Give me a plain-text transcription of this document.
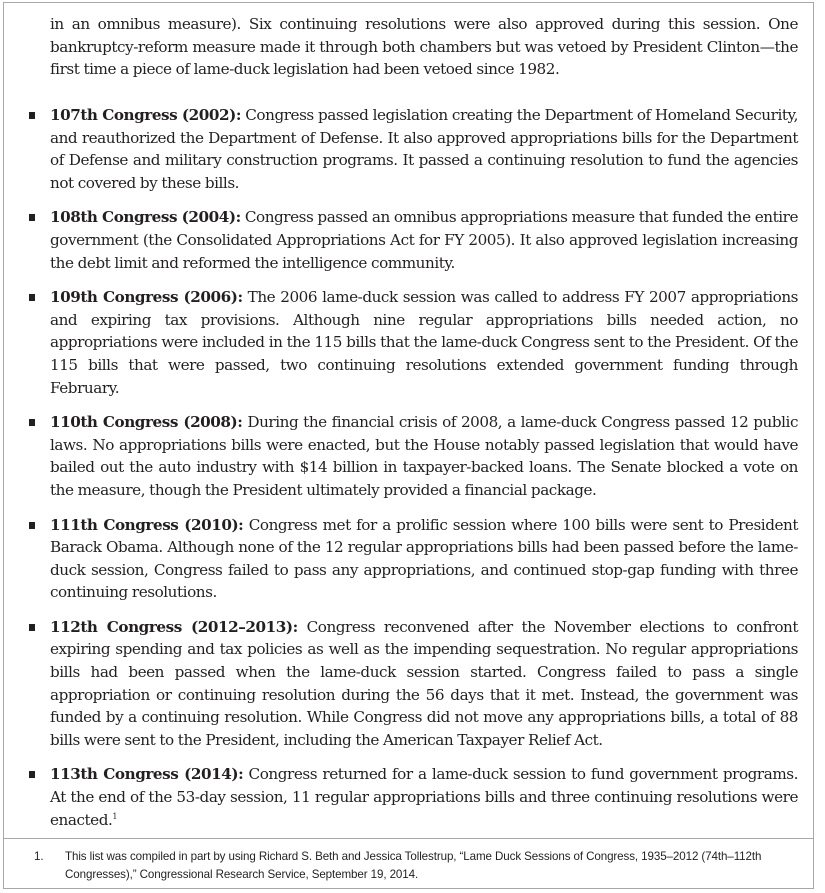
in an omnibus measure). Six continuing resolutions were also approved during this session. One bankruptcy-reform measure made it through both chambers but was vetoed by President Clinton—the first time a piece of lame-duck legislation had been vetoed since 1982.

107th Congress (2002): Congress passed legislation creating the Department of Homeland Security, and reauthorized the Department of Defense. It also approved appropriations bills for the Department of Defense and military construction programs. It passed a continuing resolution to fund the agencies not covered by these bills.
108th Congress (2004): Congress passed an omnibus appropriations measure that funded the entire government (the Consolidated Appropriations Act for FY 2005). It also approved legislation increasing the debt limit and reformed the intelligence community.
109th Congress (2006): The 2006 lame-duck session was called to address FY 2007 appropriations and expiring tax provisions. Although nine regular appropriations bills needed action, no appropriations were included in the 115 bills that the lame-duck Congress sent to the President. Of the 115 bills that were passed, two continuing resolutions extended government funding through February.
110th Congress (2008): During the financial crisis of 2008, a lame-duck Congress passed 12 public laws. No appropriations bills were enacted, but the House notably passed legislation that would have bailed out the auto industry with $14 billion in taxpayer-backed loans. The Senate blocked a vote on the measure, though the President ultimately provided a financial package.
111th Congress (2010): Congress met for a prolific session where 100 bills were sent to President Barack Obama. Although none of the 12 regular appropriations bills had been passed before the lame-duck session, Congress failed to pass any appropriations, and continued stop-gap funding with three continuing resolutions.
112th Congress (2012–2013): Congress reconvened after the November elections to confront expiring spending and tax policies as well as the impending sequestration. No regular appropriations bills had been passed when the lame-duck session started. Congress failed to pass a single appropriation or continuing resolution during the 56 days that it met. Instead, the government was funded by a continuing resolution. While Congress did not move any appropriations bills, a total of 88 bills were sent to the President, including the American Taxpayer Relief Act.
113th Congress (2014): Congress returned for a lame-duck session to fund government programs. At the end of the 53-day session, 11 regular appropriations bills and three continuing resolutions were enacted.$^1$
1. This list was compiled in part by using Richard S. Beth and Jessica Tollestrup, “Lame Duck Sessions of Congress, 1935–2012 (74th–112th Congresses),” Congressional Research Service, September 19, 2014.
